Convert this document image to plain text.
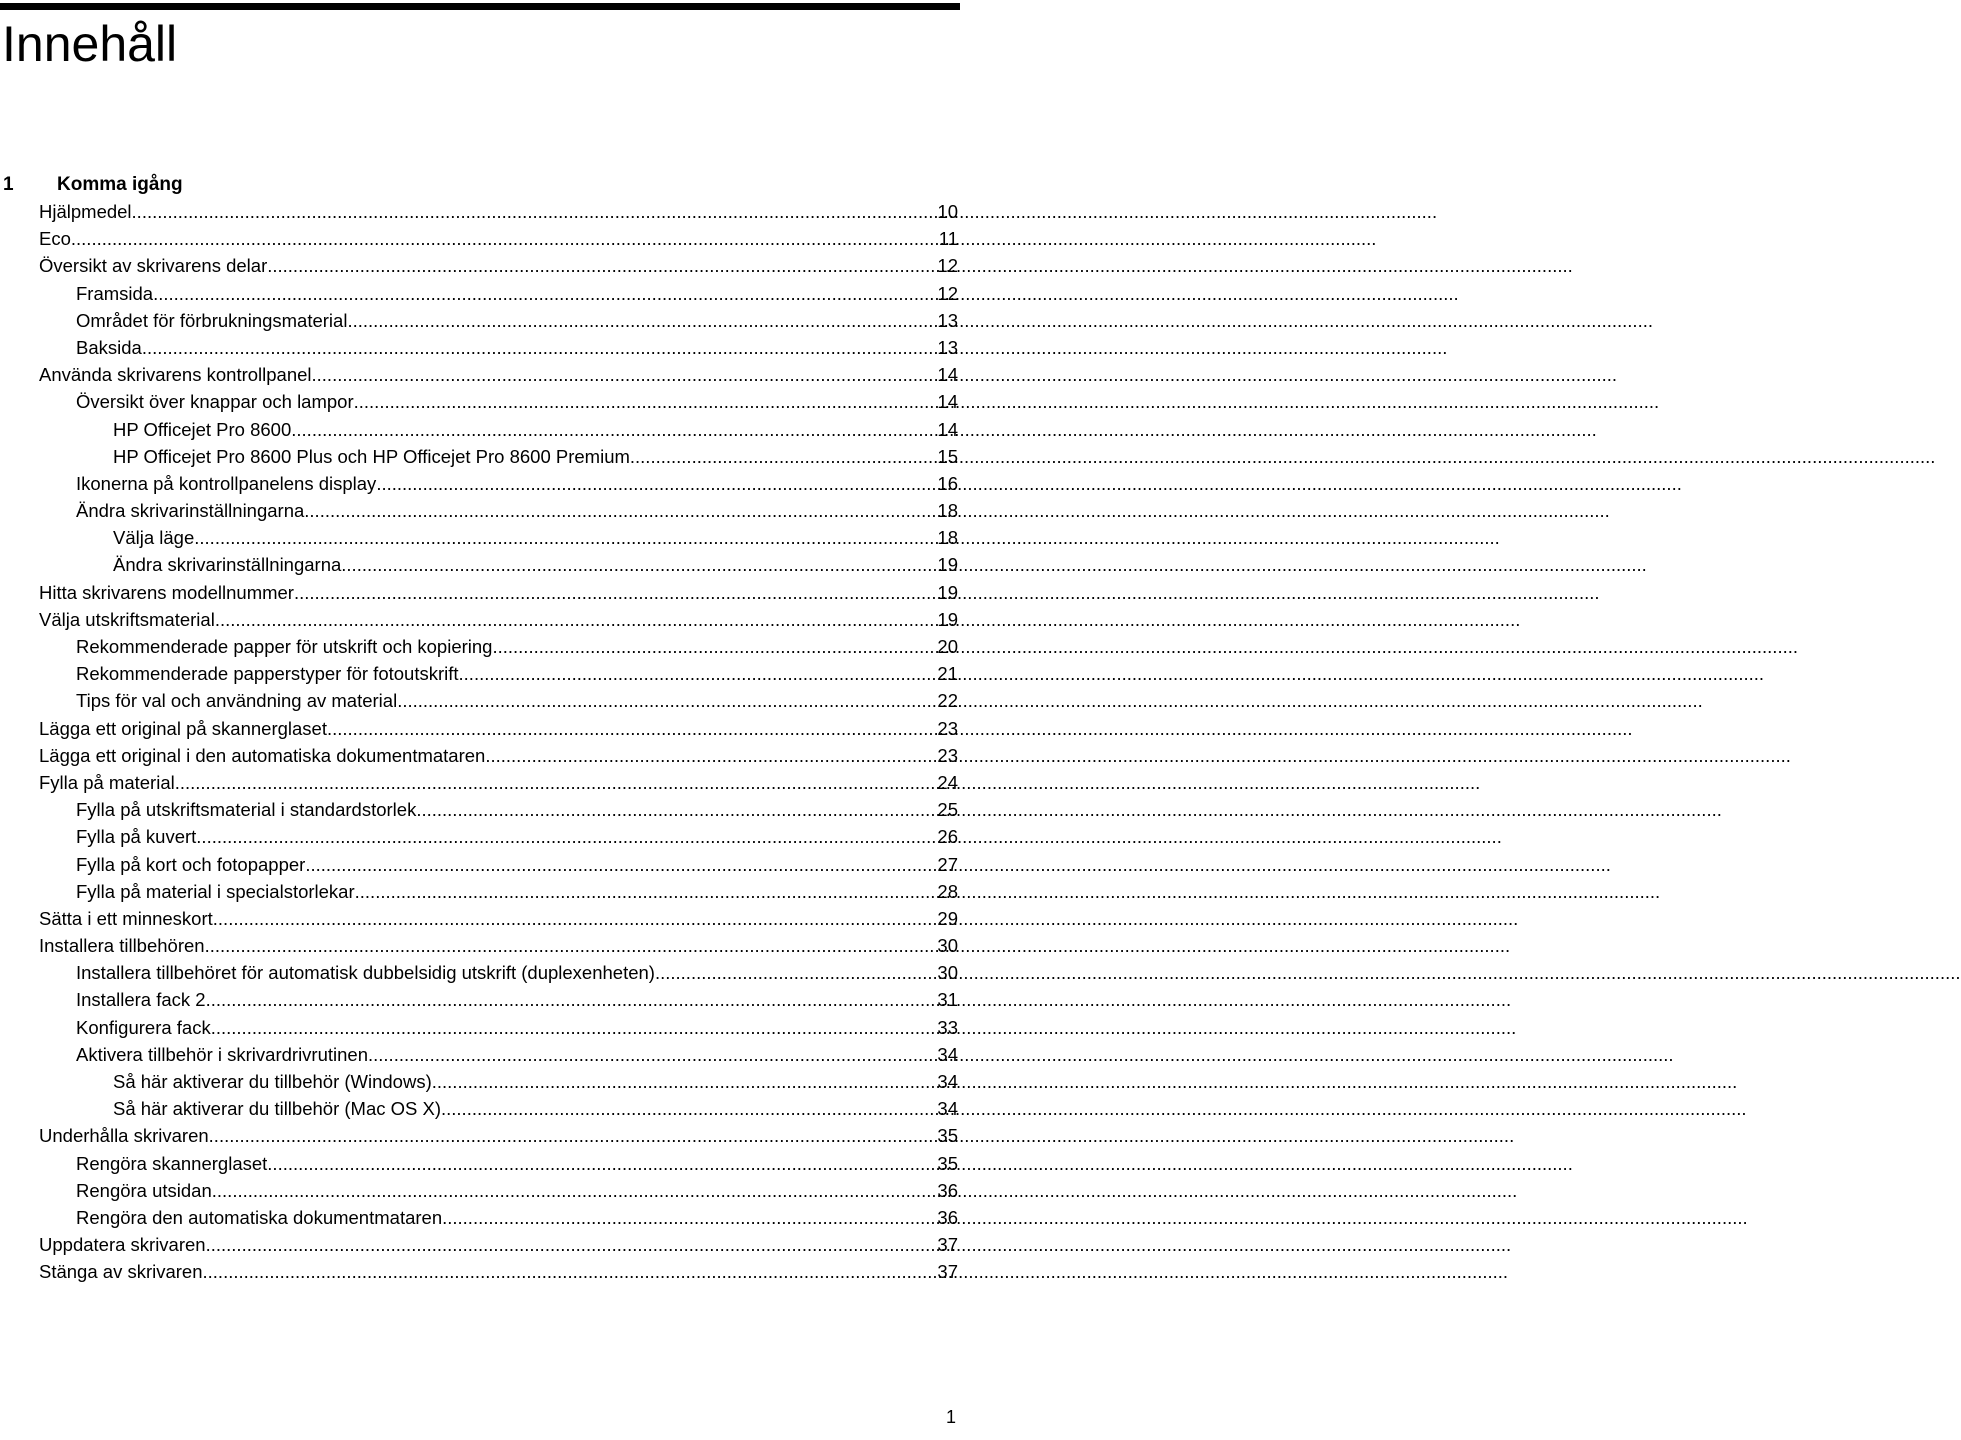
Innehåll
1 Komma igång
Hjälpmedel .....	10
Eco .....	11
Översikt av skrivarens delar .....	12
Framsida .....	12
Området för förbrukningsmaterial .....	13
Baksida .....	13
Använda skrivarens kontrollpanel .....	14
Översikt över knappar och lampor .....	14
HP Officejet Pro 8600 .....	14
HP Officejet Pro 8600 Plus och HP Officejet Pro 8600 Premium .....	15
Ikonerna på kontrollpanelens display .....	16
Ändra skrivarinställningarna .....	18
Välja läge .....	18
Ändra skrivarinställningarna .....	19
Hitta skrivarens modellnummer .....	19
Välja utskriftsmaterial .....	19
Rekommenderade papper för utskrift och kopiering .....	20
Rekommenderade papperstyper för fotoutskrift .....	21
Tips för val och användning av material .....	22
Lägga ett original på skannerglaset .....	23
Lägga ett original i den automatiska dokumentmataren .....	23
Fylla på material .....	24
Fylla på utskriftsmaterial i standardstorlek .....	25
Fylla på kuvert .....	26
Fylla på kort och fotopapper .....	27
Fylla på material i specialstorlekar .....	28
Sätta i ett minneskort .....	29
Installera tillbehören .....	30
Installera tillbehöret för automatisk dubbelsidig utskrift (duplexenheten) .....	30
Installera fack 2 .....	31
Konfigurera fack .....	33
Aktivera tillbehör i skrivardrivrutinen .....	34
Så här aktiverar du tillbehör (Windows) .....	34
Så här aktiverar du tillbehör (Mac OS X) .....	34
Underhålla skrivaren .....	35
Rengöra skannerglaset .....	35
Rengöra utsidan .....	36
Rengöra den automatiska dokumentmataren .....	36
Uppdatera skrivaren .....	37
Stänga av skrivaren .....	37
1
